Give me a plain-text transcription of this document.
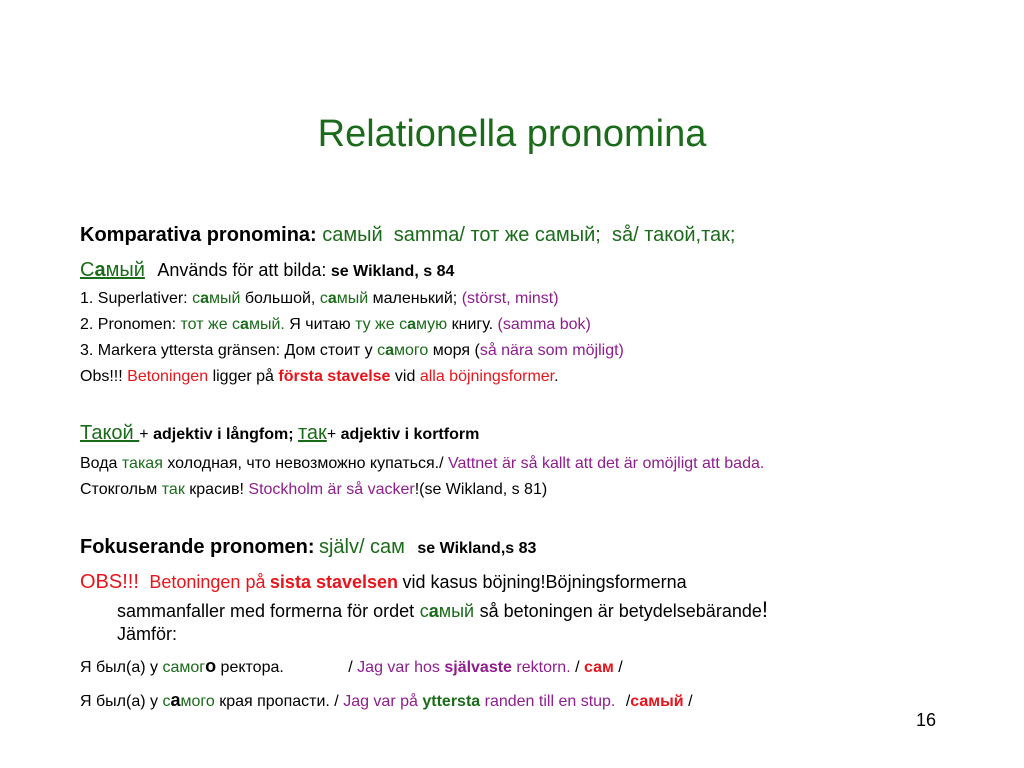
Relationella pronomina
Komparativa pronomina: самый  samma/ тот же самый;  så/ такой,так;
Самый Används för att bilda: se Wikland, s 84
1. Superlativer: самый большой, самый маленький; (störst, minst)
2. Pronomen: тот же самый. Я читаю ту же самую книгу. (samma bok)
3. Markera yttersta gränsen: Дом стоит у самого моря (så nära som möjligt)
Obs!!! Betoningen ligger på första stavelse vid alla böjningsformer.
Такой + adjektiv i långfom; так+ adjektiv i kortform
Вода такая холодная, что невозможно купаться./ Vattnet är så kallt att det är omöjligt att bada.
Стокгольм так красив! Stockholm är så vacker!(se Wikland, s 81)
Fokuserande pronomen: själv/ сам se Wikland,s 83
OBS!!! Betoningen på sista stavelsen vid kasus böjning!Böjningsformerna
sammanfaller med formerna för ordet самый så betoningen är betydelsebärande!
Jämför:
Я был(а) у самого ректора.	/ Jag var hos självaste rektorn. / сам /
Я был(а) у самого края пропасти. / Jag var på yttersta randen till en stup. /самый /
16
